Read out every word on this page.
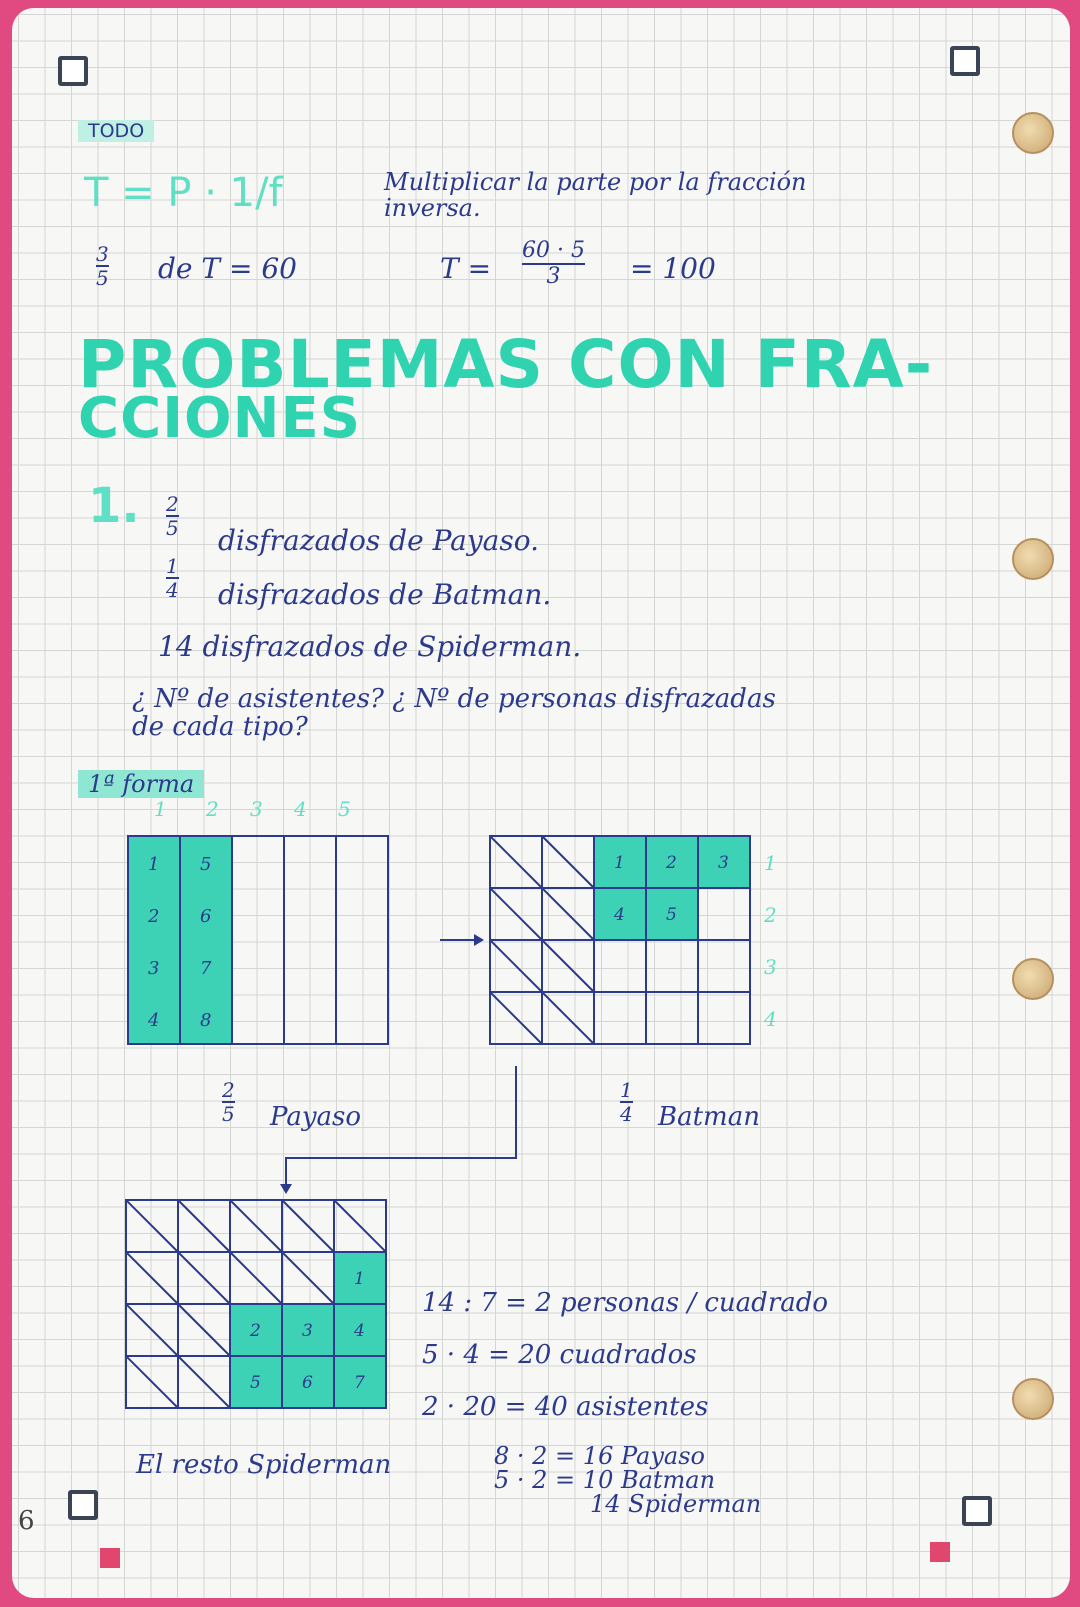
6
TODO
T = P · 1/f	Multiplicar la parte por la fracción
inversa.
3
5 de T = 60	T =
60 · 5
3 = 100
PROBLEMAS CON FRA-
CCIONES
1. 2
5 disfrazados de Payaso.
1
4 disfrazados de Batman.
14 disfrazados de Spiderman.
¿ Nº de asistentes? ¿ Nº de personas disfrazadas
de cada tipo?
1ª forma
1 2 3 4 5
1
2
3
4
5
6
7
8
1 2 3
4 5
1
2
3
4
1
2 3 4
5 6 7
2
5 Payaso
1
4 Batman
El resto Spiderman
14 : 7 = 2 personas / cuadrado
5 · 4 = 20 cuadrados
2 · 20 = 40 asistentes
8 · 2 = 16 Payaso
5 · 2 = 10 Batman
14 Spiderman
